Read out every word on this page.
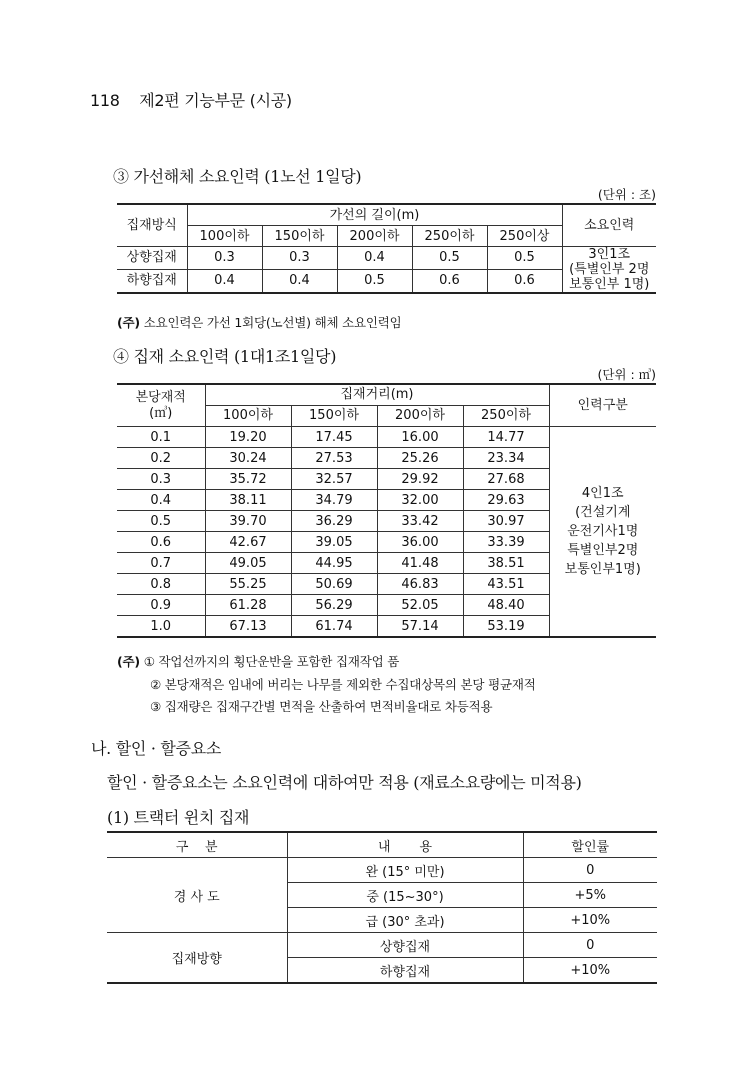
118 제2편 기능부문 (시공)
③ 가선해체 소요인력 (1노선 1일당)
(단위 : 조)
집재방식	가선의 길이(m)					소요인력
	100이하	150이하	200이하	250이하	250이상	
상향집재	0.3	0.3	0.4	0.5	0.5	3인1조
(특별인부 2명
보통인부 1명)

하향집재	0.4	0.4	0.5	0.6	0.6	
(주) 소요인력은 가선 1회당(노선별) 해체 소요인력임
④ 집재 소요인력 (1대1조1일당)
(단위 : ㎥)
본당재적
(㎥)	집재거리(m)				인력구분
	100이하	150이하	200이하	250이하	
0.1	19.20	17.45	16.00	14.77	4인1조
(건설기계
운전기사1명
특별인부2명
보통인부1명)

0.2	30.24	27.53	25.26	23.34	
0.3	35.72	32.57	29.92	27.68	
0.4	38.11	34.79	32.00	29.63	
0.5	39.70	36.29	33.42	30.97	
0.6	42.67	39.05	36.00	33.39	
0.7	49.05	44.95	41.48	38.51	
0.8	55.25	50.69	46.83	43.51	
0.9	61.28	56.29	52.05	48.40	
1.0	67.13	61.74	57.14	53.19	
(주) ① 작업선까지의 횡단운반을 포함한 집재작업 품
② 본당재적은 임내에 버리는 나무를 제외한 수집대상목의 본당 평균재적
③ 집재량은 집재구간별 면적을 산출하여 면적비율대로 차등적용
나. 할인 · 할증요소
할인 · 할증요소는 소요인력에 대하여만 적용 (재료소요량에는 미적용)
(1) 트랙터 윈치 집재
구    분	내       용	할인률
경 사 도	완 (15° 미만)	0
	중 (15~30°)	+5%
	급 (30° 초과)	+10%
집재방향	상향집재	0
	하향집재	+10%
